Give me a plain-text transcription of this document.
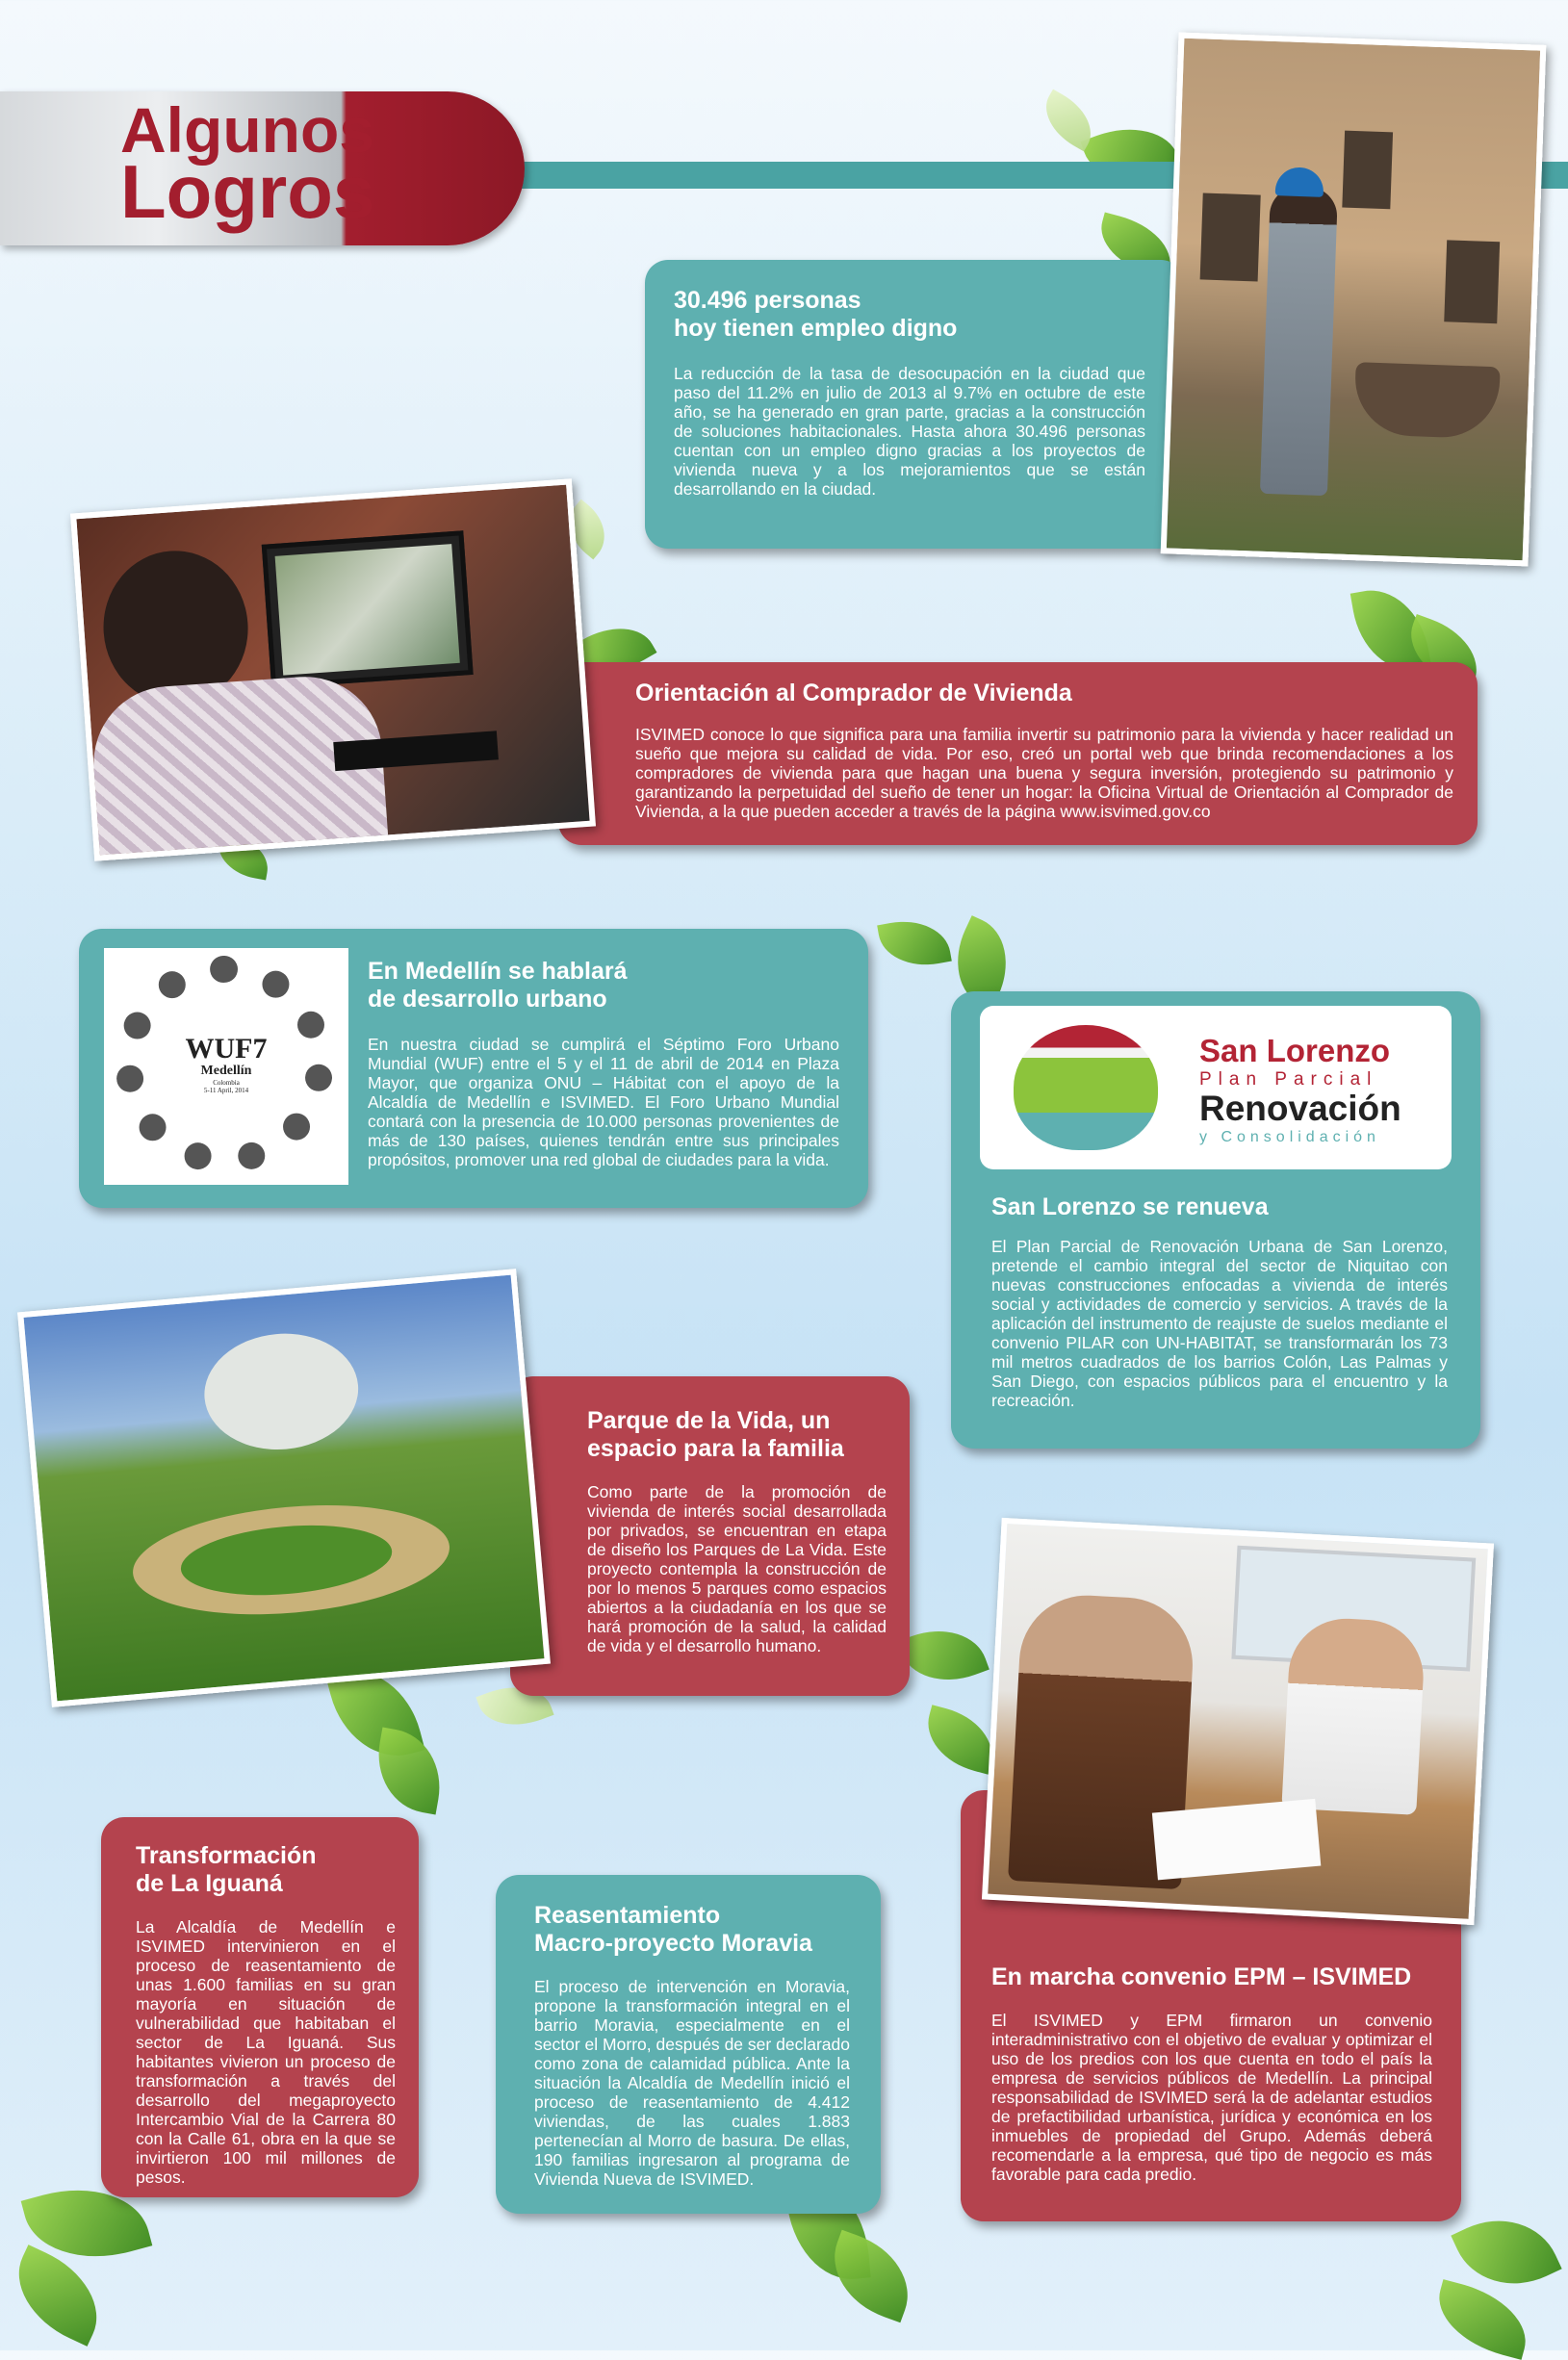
Algunos
Logros
30.496 personas
hoy tienen empleo digno

La reducción de la tasa de desocupación en la ciudad que paso del 11.2% en julio de 2013 al 9.7% en octubre de este año, se ha generado en gran parte, gracias a la construcción de soluciones habitacionales. Hasta ahora 30.496 personas cuentan con un empleo digno gracias a los proyectos de vivienda nueva y a los mejoramientos que se están desarrollando en la ciudad.

Orientación al Comprador de Vivienda

ISVIMED conoce lo que significa para una familia invertir su patrimonio para la vivienda y hacer realidad un sueño que mejora su calidad de vida. Por eso, creó un portal web que brinda recomendaciones a los compradores de vivienda para que hagan una buena y segura inversión, protegiendo su patrimonio y garantizando la perpetuidad del sueño de tener un hogar: la Oficina Virtual de Orientación al Comprador de Vivienda, a la que pueden acceder a través de la página www.isvimed.gov.co

En Medellín se hablará
de desarrollo urbano

En nuestra ciudad se cumplirá el Séptimo Foro Urbano Mundial (WUF) entre el 5 y el 11 de abril de 2014 en Plaza Mayor, que organiza ONU – Hábitat con el apoyo de la Alcaldía de Medellín e ISVIMED. El Foro Urbano Mundial contará con la presencia de 10.000 personas provenientes de más de 130 países, quienes tendrán entre sus principales propósitos, promover una red global de ciudades para la vida.

WUF7
Medellín
Colombia
5-11 April, 2014
San Lorenzo se renueva

El Plan Parcial de Renovación Urbana de San Lorenzo, pretende el cambio integral del sector de Niquitao con nuevas construcciones enfocadas a vivienda de interés social y actividades de comercio y servicios. A través de la aplicación del instrumento de reajuste de suelos mediante el convenio PILAR con UN-HABITAT, se transformarán los 73 mil metros cuadrados de los barrios Colón, Las Palmas y San Diego, con espacios públicos para el encuentro y la recreación.

San Lorenzo
Plan Parcial
Renovación
y Consolidación
Parque de la Vida, un
espacio para la familia

Como parte de la promoción de vivienda de interés social desarrollada por privados, se encuentran en etapa de diseño los Parques de La Vida. Este proyecto contempla la construcción de por lo menos 5 parques como espacios abiertos a la ciudadanía en los que se hará promoción de la salud, la calidad de vida y el desarrollo humano.

Transformación
de La Iguaná

La Alcaldía de Medellín e ISVIMED intervinieron en el proceso de reasentamiento de unas 1.600 familias en su gran mayoría en situación de vulnerabilidad que habitaban el sector de La Iguaná. Sus habitantes vivieron un proceso de transformación a través del desarrollo del megaproyecto Intercambio Vial de la Carrera 80 con la Calle 61, obra en la que se invirtieron 100 mil millones de pesos.

Reasentamiento
Macro-proyecto Moravia

El proceso de intervención en Moravia, propone la transformación integral en el barrio Moravia, especialmente en el sector el Morro, después de ser declarado como zona de calamidad pública. Ante la situación la Alcaldía de Medellín inició el proceso de reasentamiento de 4.412 viviendas, de las cuales 1.883 pertenecían al Morro de basura. De ellas, 190 familias ingresaron al programa de Vivienda Nueva de ISVIMED.

En marcha convenio EPM – ISVIMED

El ISVIMED y EPM firmaron un convenio interadministrativo con el objetivo de evaluar y optimizar el uso de los predios con los que cuenta en todo el país la empresa de servicios públicos de Medellín. La principal responsabilidad de ISVIMED será la de adelantar estudios de prefactibilidad urbanística, jurídica y económica en los inmuebles de propiedad del Grupo. Además deberá recomendarle a la empresa, qué tipo de negocio es más favorable para cada predio.
